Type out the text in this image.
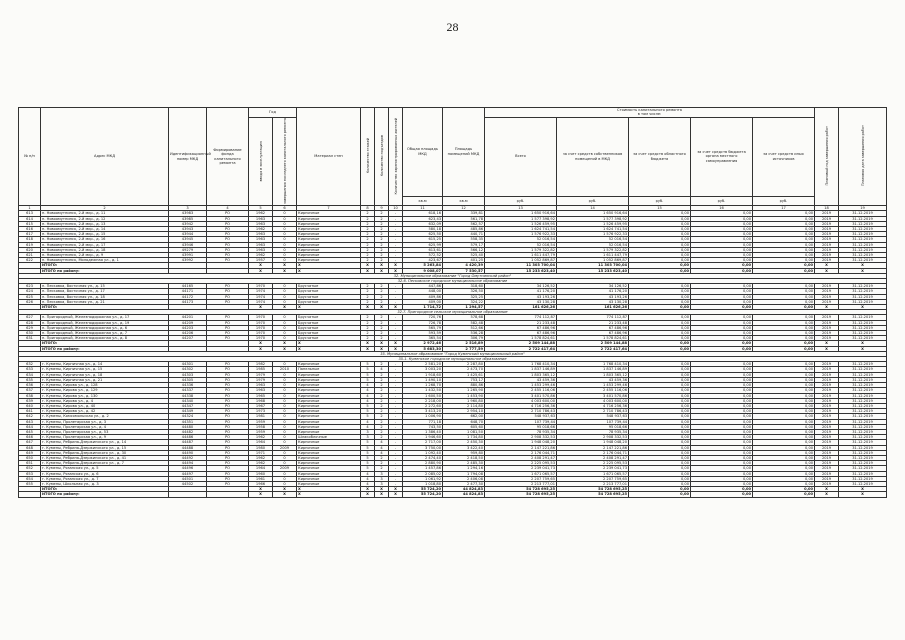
28
№ п/п	Адрес МКД	Идентификационный номер МКД	Формирование фонда капитального ремонта	Год		Материал стен	Количество этажей	Количество подъездов	Количество зарегистрированных жителей	Общая площадь МКД	Площадь помещений МКД	Стоимость капитального ремонта
в том числе:					Плановый год завершения работ	Плановая дата завершения работ
				ввода в эксплуатацию	завершения последнего капитального ремонта							Всего	за счет средств собственников помещений в МКД	за счет средств областного бюджета	за счет средств бюджета органа местного самоуправления	за счет средств иных источников		
										кв.м	кв.м	руб.	руб.	руб.	руб.	руб.		
1	2	3	4	5	6	7	8	9	10	11	12	13	14	15	16	17	18	19
613	п. Новоомутнинск, 2-й мкр., д. 11	43983	РО	1962	0	Кирпичные	2	2	-	618,16	339,81	1 650 916,64	1 650 916,64	0,00	0,00	0,00	2019	31.12.2019
614	п. Новоомутнинск, 2-й мкр., д. 12	43985	РО	1963	0	Кирпичные	2	2	-	623,43	561,78	1 577 398,92	1 577 398,92	0,00	0,00	0,00	2019	31.12.2019
615	п. Новоомутнинск, 2-й мкр., д. 13	43942	РО	1963	0	Кирпичные	2	2	-	632,09	562,57	1 526 459,95	1 526 459,95	0,00	0,00	0,00	2019	31.12.2019
616	п. Новоомутнинск, 2-й мкр., д. 14	43943	РО	1962	0	Кирпичные	2	2	-	580,18	485,86	1 624 741,54	1 624 741,54	0,00	0,00	0,00	2019	31.12.2019
617	п. Новоомутнинск, 2-й мкр., д. 15	43944	РО	1963	0	Кирпичные	2	2	-	625,50	440,71	1 576 922,33	1 576 922,33	0,00	0,00	0,00	2019	31.12.2019
618	п. Новоомутнинск, 2-й мкр., д. 16	43945	РО	1963	0	Кирпичные	2	2	-	615,25	558,35	52 016,54	52 016,54	0,00	0,00	0,00	2019	31.12.2019
619	п. Новоомутнинск, 2-й мкр., д. 17	43946	РО	1963	0	Кирпичные	2	2	-	625,99	579,17	52 016,54	52 016,54	0,00	0,00	0,00	2019	31.12.2019
620	п. Новоомутнинск, 2-й мкр., д. 18	49279	РО	1963	0	Кирпичные	2	2	-	613,61	566,12	1 579 322,82	1 579 322,82	0,00	0,00	0,00	2019	31.12.2019
621	п. Новоомутнинск, 2-й мкр., д. 9	43991	РО	1962	0	Кирпичные	2	2	-	572,52	525,40	1 611 447,79	1 611 447,79	0,00	0,00	0,00	2019	31.12.2019
622	п. Новоомутнинск, Молодежная ул., д. 1	43992	РО	1957	0	Кирпичные	2	2	-	423,67	401,25	1 052 869,87	1 052 869,87	0,00	0,00	0,00	2019	31.12.2019
	ИТОГО:			X	X	X	X	X	X	5 263,84	4 420,39	11 303 700,04	11 303 700,04	0,00	0,00	0,00	X	X
	ИТОГО по району:			X	X	X	X	X	X	9 008,07	7 530,57	15 233 623,40	15 233 623,40	0,00	0,00	0,00	X	X
32. Муниципальное образование "Город Омутнинский район"																		
32.6. Песковское городское муниципальное образование																		
623	п. Песковка, Восточная ул., д. 15	44165	РО	1970	0	Брусчатые	2	2	-	447,86	318,60	34 126,52	34 126,52	0,00	0,00	0,00	2019	31.12.2019
624	п. Песковка, Восточная ул., д. 17	44171	РО	1974	0	Брусчатые	2	2	-	448,00	326,50	41 176,20	41 176,20	0,00	0,00	0,00	2019	31.12.2019
625	п. Песковка, Восточная ул., д. 18	44172	РО	1974	0	Брусчатые	2	2	-	409,86	325,25	43 193,26	43 193,26	0,00	0,00	0,00	2019	31.12.2019
626	п. Песковка, Восточная ул., д. 21	44173	РО	1974	0	Брусчатые	2	2	-	409,00	324,22	43 130,28	43 130,28	0,00	0,00	0,00	2019	31.12.2019
	ИТОГО:			X	X	X	X	X	X	1 714,72	1 294,57	161 626,26	161 626,26	0,00	0,00	0,00	X	X
32.7. Пригородное сельское муниципальное образование																		
627	п. Пригородный, Железнодорожная ул., д. 17	44201	РО	1970	0	Брусчатые	2	2	-	720,76	578,68	774 112,87	774 112,87	0,00	0,00	0,00	2019	31.12.2019
628	п. Пригородный, Железнодорожная ул., д. 19	44209	РО	1970	0	Брусчатые	2	2	-	726,78	582,48	21 233,48	21 233,48	0,00	0,00	0,00	2019	31.12.2019
629	п. Пригородный, Железнодорожная ул., д. 6	44203	РО	1970	0	Брусчатые	2	2	-	565,79	512,66	67 486,96	67 486,96	0,00	0,00	0,00	2019	31.12.2019
630	п. Пригородный, Железнодорожная ул., д. 7	44206	РО	1970	0	Брусчатые	2	2	-	593,59	536,28	67 486,96	67 486,96	0,00	0,00	0,00	2019	31.12.2019
631	п. Пригородный, Железнодорожная ул., д. 8	44207	РО	1970	0	Брусчатые	2	2	-	365,54	306,79	1 578 824,61	1 578 824,61	0,00	0,00	0,00	2019	31.12.2019
	ИТОГО:			X	X	X	X	X	X	2 972,46	2 516,89	2 509 144,88	2 509 144,88	0,00	0,00	0,00	X	X
	ИТОГО по району:			X	X	X	X	X	X	5 683,30	2 777,59	2 722 417,64	2 722 417,64	0,00	0,00	0,00	X	X
35. Муниципальное образование "Город Куменский муниципальный район"																		
35.1. Куменское городское муниципальное образование																		
632	г. Кумены, Кирпичная ул., д. 14	44301	РО	1982	0	Кирпичные	5	2	-	2 581,20	2 287,80	1 768 410,34	1 768 410,34	0,00	0,00	0,00	2019	31.12.2019
633	г. Кумены, Кирпичная ул., д. 15	44302	РО	1985	2010	Панельные	5	4	-	3 003,20	2 473,70	1 837 146,89	1 837 146,89	0,00	0,00	0,00	2019	31.12.2019
634	г. Кумены, Кирпичная ул., д. 18	44303	РО	1979	0	Кирпичные	5	2	-	1 918,60	1 425,61	1 803 365,12	1 803 365,12	0,00	0,00	0,00	2019	31.12.2019
635	г. Кумены, Кирпичная ул., д. 21	44305	РО	1979	0	Кирпичные	5	2	-	1 490,10	753,17	43 459,36	43 459,36	0,00	0,00	0,00	2019	31.12.2019
636	г. Кумены, Кирова ул., д. 128	44336	РО	1963	0	Кирпичные	4	2	-	1 268,70	880,86	1 453 299,46	1 453 299,46	0,00	0,00	0,00	2019	31.12.2019
637	г. Кумены, Кирова ул., д. 129	44337	РО	1963	0	Кирпичные	4	2	-	1 432,50	1 265,90	2 455 116,06	2 455 116,06	0,00	0,00	0,00	2019	31.12.2019
638	г. Кумены, Кирова ул., д. 130	44338	РО	1965	0	Кирпичные	4	2	-	1 600,50	1 453,90	3 401 570,86	3 401 570,86	0,00	0,00	0,00	2019	31.12.2019
639	г. Кумены, Кирова ул., д. 4	44340	РО	1968	0	Кирпичные	4	2	-	2 218,00	1 960,80	4 003 600,00	4 003 600,00	0,00	0,00	0,00	2019	31.12.2019
640	г. Кумены, Кирова ул., д. 40	44347	РО	1967	0	Кирпичные	5	2	-	2 272,60	2 114,80	4 716 256,36	4 716 256,36	0,00	0,00	0,00	2019	31.12.2019
641	г. Кумены, Кирова ул., д. 42	44349	РО	1973	0	Кирпичные	5	2	-	3 413,20	2 954,10	2 710 786,43	2 710 786,43	0,00	0,00	0,00	2019	31.12.2019
642	г. Кумены, Комсомольская ул., д. 2	44324	РО	1981	0	Кирпичные	5	2	-	1 006,90	662,00	548 937,63	548 937,63	0,00	0,00	0,00	2019	31.12.2019
643	г. Кумены, Пролетарская ул., д. 3	44351	РО	1959	0	Кирпичные	4	2	-	771,18	648,70	107 739,44	107 739,44	0,00	0,00	0,00	2019	31.12.2019
644	г. Кумены, Пролетарская ул., д. 4	44480	РО	1958	0	Кирпичные	4	2	-	743,50	605,60	95 018,66	95 018,66	0,00	0,00	0,00	2019	31.12.2019
645	г. Кумены, Пролетарская ул., д. 53	44482	РО	1959	0	Кирпичные	3	2	-	1 386,40	1 081,50	78 935,34	78 935,34	0,00	0,00	0,00	2019	31.12.2019
646	г. Кумены, Пролетарская ул., д. 9	44486	РО	1962	0	Шлакоблочные	3	2	-	1 946,60	1 734,80	2 908 332,53	2 908 332,53	0,00	0,00	0,00	2019	31.12.2019
647	г. Кумены, Ребрина-Дзержинского ул., д. 14	44487	РО	1964	0	Кирпичные	5	4	-	2 717,00	2 450,30	1 948 048,20	1 948 048,20	0,00	0,00	0,00	2019	31.12.2019
648	г. Кумены, Ребрина-Дзержинского ул., д. 15	44488	РО	1980	2009	Кирпичные	5	4	-	3 750,00	3 422,40	2 147 221,86	2 147 221,86	0,00	0,00	0,00	2019	31.12.2019
649	г. Кумены, Ребрина-Дзержинского ул., д. 30	44490	РО	1971	0	Кирпичные	5	4	-	1 092,40	959,80	2 176 044,71	2 176 044,71	0,00	0,00	0,00	2019	31.12.2019
650	г. Кумены, Ребрина-Дзержинского ул., д. 41	44492	РО	1962	0	Кирпичные	5	2	-	2 474,40	2 418,50	2 408 291,47	2 408 291,47	0,00	0,00	0,00	2019	31.12.2019
651	г. Кумены, Ребрина-Дзержинского ул., д. 7	44494	РО	1962	0	Кирпичные	5	2	-	2 880,90	2 485,30	2 225 095,53	2 225 095,53	0,00	0,00	0,00	2019	31.12.2019
652	г. Кумены, Рязанская ул., д. 5	44496	РО	1964	2009	Кирпичные	5	2	-	1 457,86	1 294,16	2 239 041,73	2 239 041,73	0,00	0,00	0,00	2019	31.12.2019
653	г. Кумены, Рязанская ул., д. 6	44497	РО	1960	0	Кирпичные	4	3	-	2 085,02	1 794,08	1 671 065,57	1 671 065,57	0,00	0,00	0,00	2019	31.12.2019
654	г. Кумены, Рязанская ул., д. 7	44501	РО	1961	0	Кирпичные	4	3	-	1 061,92	2 406,08	2 207 759,65	2 207 759,65	0,00	0,00	0,00	2019	31.12.2019
655	г. Кумены, Школьная ул., д. 3	44502	РО	1966	0	Кирпичные	4	3	-	1 018,80	2 477,30	2 213 777,01	2 213 777,01	0,00	0,00	0,00	2019	31.12.2019
	ИТОГО:			X	X	X	X	X	X	55 724,20	44 824,83	54 728 695,25	54 728 695,25	0,00	0,00	0,00	X	X
	ИТОГО по району:			X	X	X	X	X	X	55 724,20	44 824,83	54 728 695,25	54 728 695,25	0,00	0,00	0,00	X	X
